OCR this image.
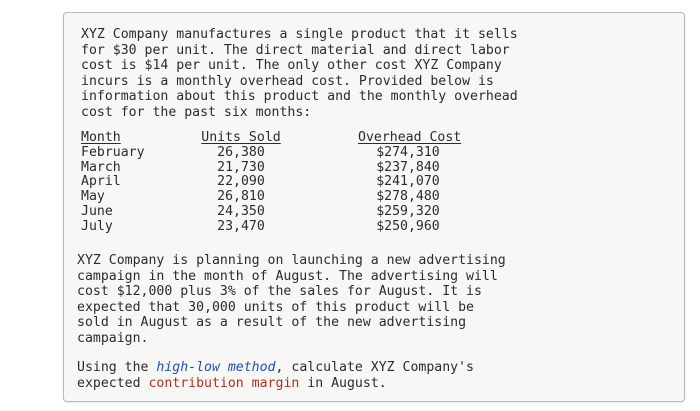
XYZ Company manufactures a single product that it sells
for $30 per unit. The direct material and direct labor
cost is $14 per unit. The only other cost XYZ Company
incurs is a monthly overhead cost. Provided below is
information about this product and the monthly overhead
cost for the past six months:
Month
February
March
April
May
June
July
Units Sold
26,380
21,730
22,090
26,810
24,350
23,470
Overhead Cost
$274,310
$237,840
$241,070
$278,480
$259,320
$250,960
XYZ Company is planning on launching a new advertising
campaign in the month of August. The advertising will
cost $12,000 plus 3% of the sales for August. It is
expected that 30,000 units of this product will be
sold in August as a result of the new advertising
campaign.
Using the high-low method, calculate XYZ Company's
expected contribution margin in August.
